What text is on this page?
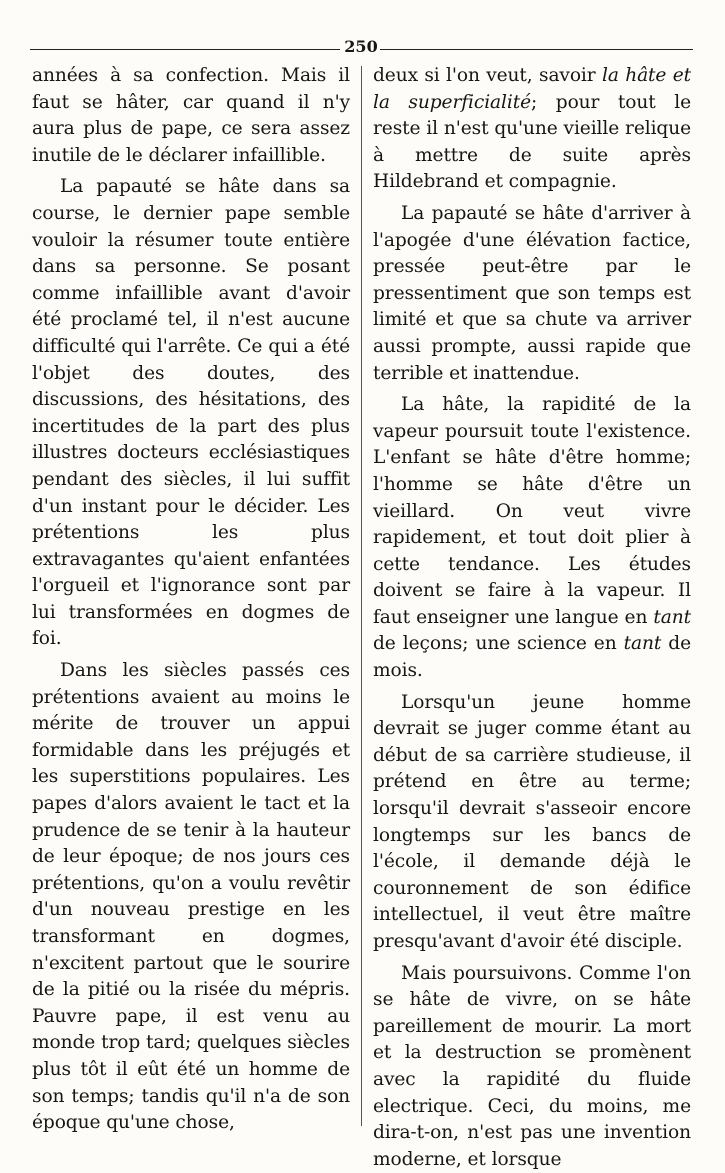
250

années à sa confection. Mais il faut se hâter, car quand il n'y aura plus de pape, ce sera assez inutile de le déclarer infaillible.

La papauté se hâte dans sa course, le dernier pape semble vouloir la résumer toute entière dans sa personne. Se posant comme infaillible avant d'avoir été proclamé tel, il n'est aucune difficulté qui l'arrête. Ce qui a été l'objet des doutes, des discussions, des hésitations, des incertitudes de la part des plus illustres docteurs ecclésiastiques pendant des siècles, il lui suffit d'un instant pour le décider. Les prétentions les plus extravagantes qu'aient enfantées l'orgueil et l'ignorance sont par lui transformées en dogmes de foi.

Dans les siècles passés ces prétentions avaient au moins le mérite de trouver un appui formidable dans les préjugés et les superstitions populaires. Les papes d'alors avaient le tact et la prudence de se tenir à la hauteur de leur époque; de nos jours ces prétentions, qu'on a voulu revêtir d'un nouveau prestige en les transformant en dogmes, n'excitent partout que le sourire de la pitié ou la risée du mépris. Pauvre pape, il est venu au monde trop tard; quelques siècles plus tôt il eût été un homme de son temps; tandis qu'il n'a de son époque qu'une chose,

deux si l'on veut, savoir la hâte et la superficialité; pour tout le reste il n'est qu'une vieille relique à mettre de suite après Hildebrand et compagnie.

La papauté se hâte d'arriver à l'apogée d'une élévation factice, pressée peut-être par le pressentiment que son temps est limité et que sa chute va arriver aussi prompte, aussi rapide que terrible et inattendue.

La hâte, la rapidité de la vapeur poursuit toute l'existence. L'enfant se hâte d'être homme; l'homme se hâte d'être un vieillard. On veut vivre rapidement, et tout doit plier à cette tendance. Les études doivent se faire à la vapeur. Il faut enseigner une langue en tant de leçons; une science en tant de mois.

Lorsqu'un jeune homme devrait se juger comme étant au début de sa carrière studieuse, il prétend en être au terme; lorsqu'il devrait s'asseoir encore longtemps sur les bancs de l'école, il demande déjà le couronnement de son édifice intellectuel, il veut être maître presqu'avant d'avoir été disciple.

Mais poursuivons. Comme l'on se hâte de vivre, on se hâte pareillement de mourir. La mort et la destruction se promènent avec la rapidité du fluide electrique. Ceci, du moins, me dira-t-on, n'est pas une invention moderne, et lorsque
